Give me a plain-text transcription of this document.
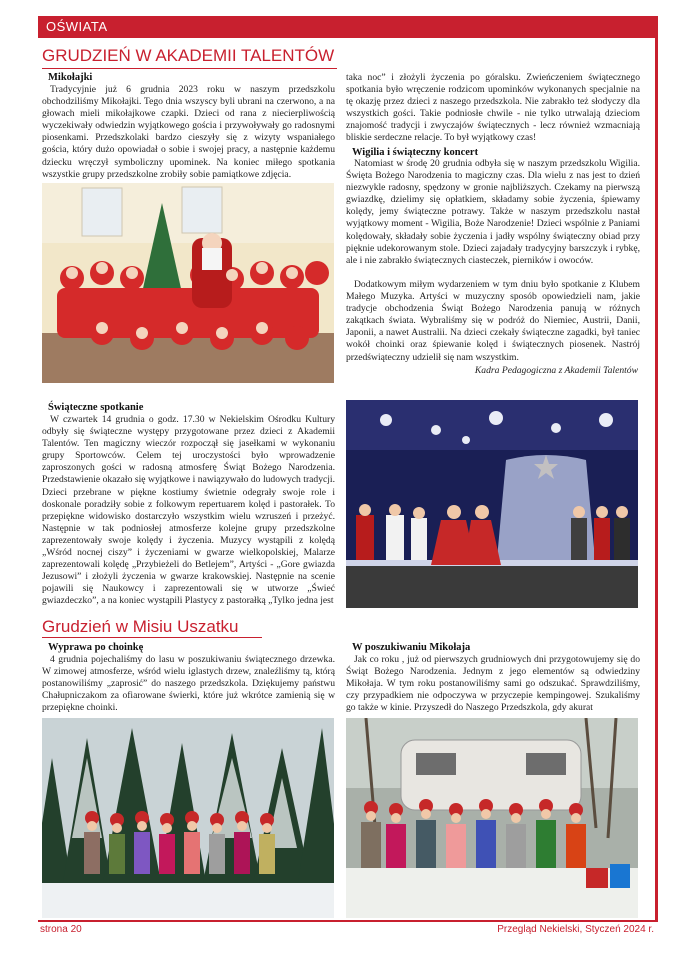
OŚWIATA
GRUDZIEŃ W AKADEMII TALENTÓW
Mikołajki

Tradycyjnie już 6 grudnia 2023 roku w naszym przedszkolu obchodziliśmy Mikołajki. Tego dnia wszyscy byli ubrani na czerwono, a na głowach mieli mikołajkowe czapki. Dzieci od rana z niecierpliwością wyczekiwały odwiedzin wyjątkowego gościa i przywoływały go radosnymi piosenkami. Przedszkolaki bardzo cieszyły się z wizyty wspaniałego gościa, który dużo opowiadał o sobie i swojej pracy, a następnie każdemu dziecku wręczył symboliczny upominek. Na koniec miłego spotkania wszystkie grupy przedszkolne zrobiły sobie pamiątkowe zdjęcia.

taka noc” i złożyli życzenia po góralsku. Zwieńczeniem świątecznego spotkania było wręczenie rodzicom upominków wykonanych specjalnie na tę okazję przez dzieci z naszego przedszkola. Nie zabrakło też słodyczy dla wszystkich gości. Takie podniosłe chwile - nie tylko utrwalają dzieciom znajomość tradycji i zwyczajów świątecznych - lecz również wzmacniają bliskie serdeczne relacje. To był wyjątkowy czas!

Wigilia i świąteczny koncert

Natomiast w środę 20 grudnia odbyła się w naszym przedszkolu Wigilia. Święta Bożego Narodzenia to magiczny czas. Dla wielu z nas jest to dzień niezwykle radosny, spędzony w gronie najbliższych. Czekamy na pierwszą gwiazdkę, dzielimy się opłatkiem, składamy sobie życzenia, śpiewamy kolędy, jemy świąteczne potrawy. Także w naszym przedszkolu nastał wyjątkowy moment - Wigilia, Boże Narodzenie! Dzieci wspólnie z Paniami kolędowały, składały sobie życzenia i jadły wspólny świąteczny obiad przy pięknie udekorowanym stole. Dzieci zajadały tradycyjny barszczyk i rybkę, ale i nie zabrakło świątecznych ciasteczek, pierników i owoców.

Dodatkowym miłym wydarzeniem w tym dniu było spotkanie z Klubem Małego Muzyka. Artyści w muzyczny sposób opowiedzieli nam, jakie tradycje obchodzenia Świąt Bożego Narodzenia panują w różnych zakątkach świata. Wybraliśmy się w podróż do Niemiec, Austrii, Danii, Japonii, a nawet Australii. Na dzieci czekały świąteczne zagadki, był taniec wokół choinki oraz śpiewanie kolęd i świątecznych piosenek. Nastrój przedświąteczny udzielił się nam wszystkim.

Kadra Pedagogiczna z Akademii Talentów
Świąteczne spotkanie

W czwartek 14 grudnia o godz. 17.30 w Nekielskim Ośrodku Kultury odbyły się świąteczne występy przygotowane przez dzieci z Akademii Talentów. Ten magiczny wieczór rozpoczął się jasełkami w wykonaniu grupy Sportowców. Celem tej uroczystości było wprowadzenie zaproszonych gości w radosną atmosferę Świąt Bożego Narodzenia. Przedstawienie okazało się wyjątkowe i nawiązywało do ludowych tradycji. Dzieci przebrane w piękne kostiumy świetnie odegrały swoje role i doskonale poradziły sobie z folkowym repertuarem kolęd i pastorałek. To przepiękne widowisko dostarczyło wszystkim wielu wzruszeń i przeżyć. Następnie w tak podniosłej atmosferze kolejne grupy przedszkolne zaprezentowały swoje kolędy i życzenia. Muzycy wystąpili z kolędą „Wśród nocnej ciszy” i życzeniami w gwarze wielkopolskiej, Malarze zaprezentowali kolędę „Przybieżeli do Betlejem”, Artyści - „Gore gwiazda Jezusowi” i złożyli życzenia w gwarze krakowskiej. Następnie na scenie pojawili się Naukowcy i zaprezentowali się w utworze „Świeć gwiazdeczko”, a na koniec wystąpili Plastycy z pastorałką „Tylko jedna jest

Grudzień w Misiu Uszatku
Wyprawa po choinkę

4 grudnia pojechaliśmy do lasu w poszukiwaniu świątecznego drzewka. W zimowej atmosferze, wśród wielu iglastych drzew, znaleźliśmy tą, którą postanowiliśmy „zaprosić” do naszego przedszkola. Dziękujemy państwu Chałupniczakom za ofiarowane świerki, które już wkrótce zamienią się w przepiękne choinki.

W poszukiwaniu Mikołaja

Jak co roku , już od pierwszych grudniowych dni przygotowujemy się do Świąt Bożego Narodzenia. Jednym z jego elementów są odwiedziny Mikołaja. W tym roku postanowiliśmy sami go odszukać. Sprawdziliśmy, czy przypadkiem nie odpoczywa w przyczepie kempingowej. Szukaliśmy go także w kinie. Przyszedł do Naszego Przedszkola, gdy akurat

strona 20	Przegląd Nekielski, Styczeń 2024 r.
